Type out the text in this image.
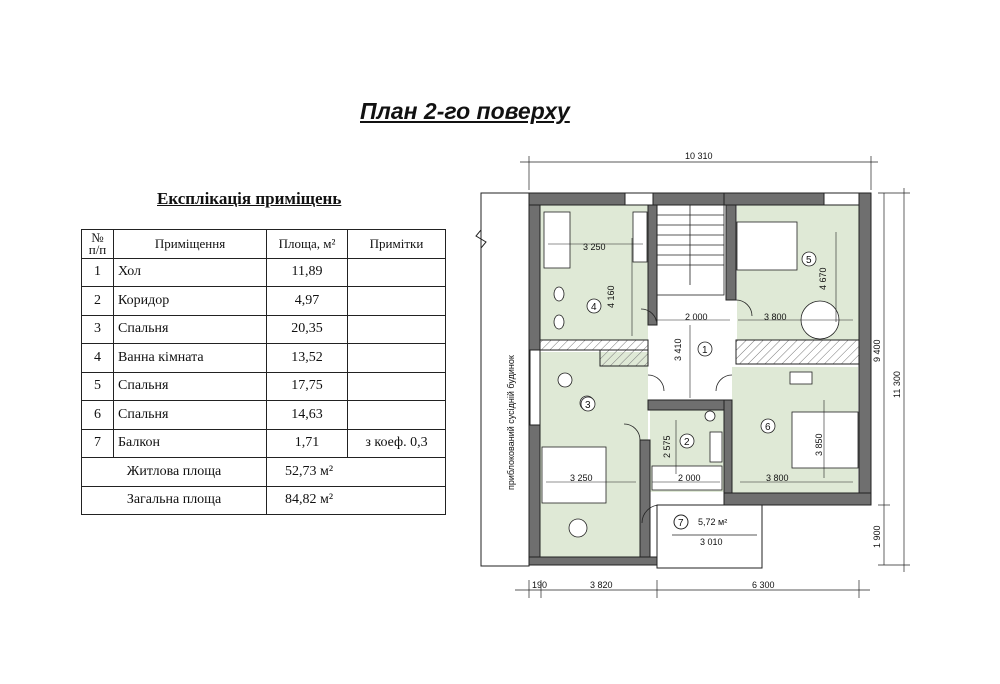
План 2-го поверху
Експлікація приміщень
№
п/п	Приміщення	Площа, м²	Примітки
1	Хол	11,89	
2	Коридор	4,97	
3	Спальня	20,35	
4	Ванна кімната	13,52	
5	Спальня	17,75	
6	Спальня	14,63	
7	Балкон	1,71	з коеф. 0,3
Житлова площа		52,73 м²	
Загальна площа		84,82 м²	
приблокований сусідній будинок
7 5,72 м²
3 010
1
2
3
4
5
6
3 250
4 160
4 670
2 000	3 800
3 410
3 250
2 575
2 000	3 800
3 850
10 310
9 400
11 300
1 900
190	3 820	6 300
